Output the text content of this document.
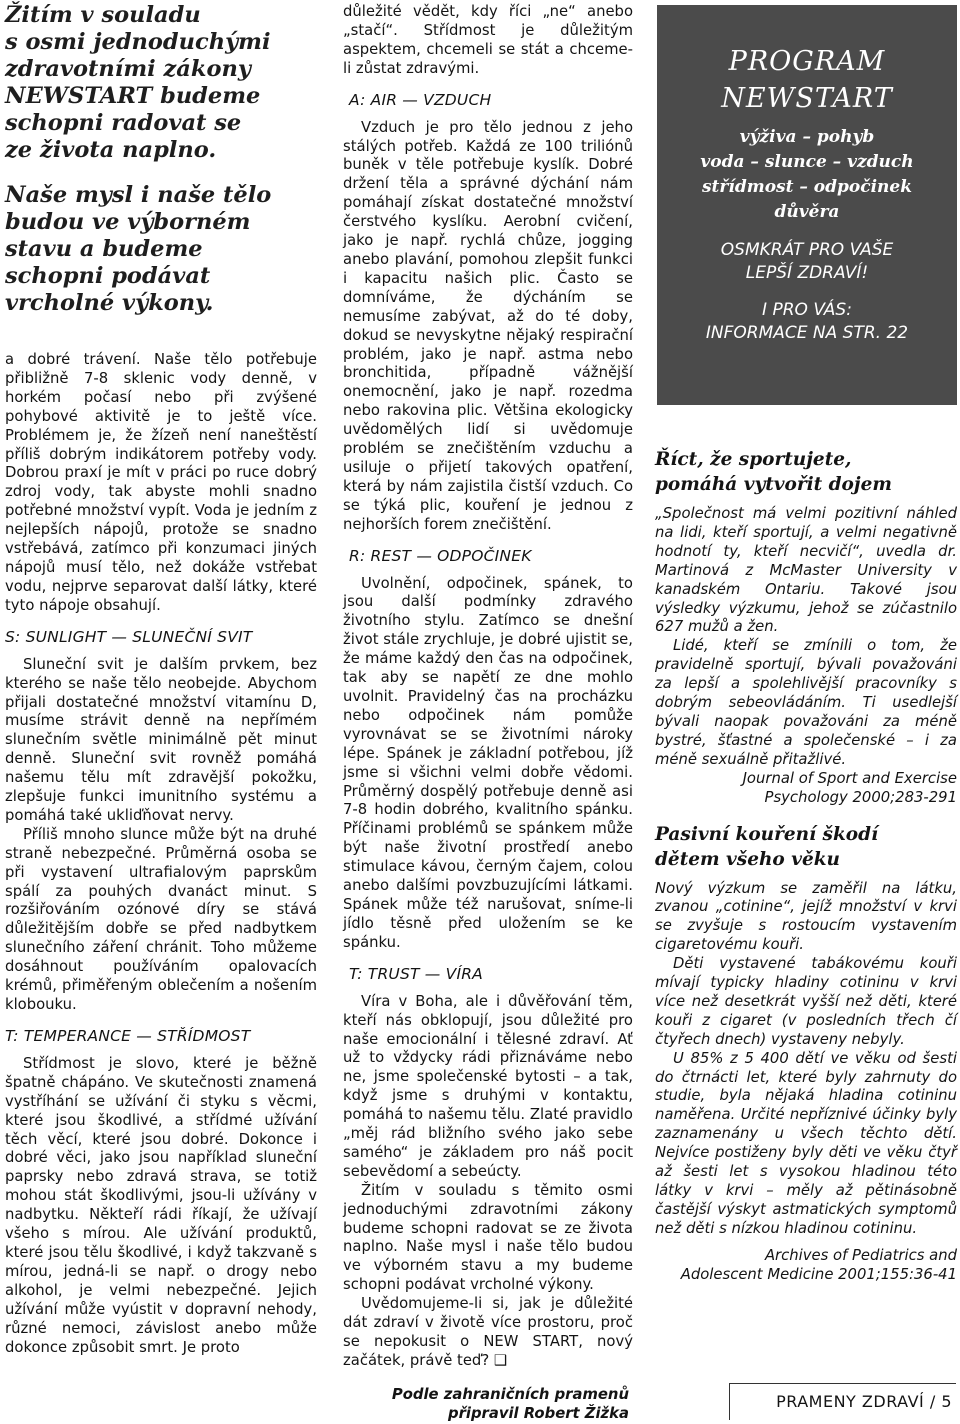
Žitím v souladu
s osmi jednoduchými
zdravotními zákony
NEWSTART budeme
schopni radovat se
ze života naplno.
Naše mysl i naše tělo
budou ve výborném
stavu a budeme
schopni podávat
vrcholné výkony.

a dobré trávení. Naše tělo potřebuje přibližně 7-8 sklenic vody denně, v horkém počasí nebo při zvýšené pohybové aktivitě je to ještě více. Problémem je, že žízeň není naneštěstí příliš dobrým indikátorem potřeby vody. Dobrou praxí je mít v práci po ruce dobrý zdroj vody, tak abyste mohli snadno potřebné množství vypít. Voda je jedním z nejlepších nápojů, protože se snadno vstřebává, zatímco při konzumaci jiných nápojů musí tělo, než dokáže vstřebat vodu, nejprve separovat další látky, které tyto nápoje obsahují.

S: SUNLIGHT — SLUNEČNÍ SVIT

Sluneční svit je dalším prvkem, bez kterého se naše tělo neobejde. Abychom přijali dostatečné množství vitamínu D, musíme strávit denně na nepřímém slunečním světle minimálně pět minut denně. Sluneční svit rovněž pomáhá našemu tělu mít zdravější pokožku, zlepšuje funkci imunitního systému a pomáhá také ukliďňovat nervy.

Příliš mnoho slunce může být na druhé straně nebezpečné. Průměrná osoba se při vystavení ultrafialovým paprskům spálí za pouhých dvanáct minut. S rozšiřováním ozónové díry se stává důležitějším dobře se před nadbytkem slunečního záření chránit. Toho můžeme dosáhnout používáním opalovacích krémů, přiměřeným oblečením a nošením klobouku.

T: TEMPERANCE — STŘÍDMOST

Střídmost je slovo, které je běžně špatně chápáno. Ve skutečnosti znamená vystříhání se užívání či styku s věcmi, které jsou škodlivé, a střídmé užívání těch věcí, které jsou dobré. Dokonce i dobré věci, jako jsou například sluneční paprsky nebo zdravá strava, se totiž mohou stát škodlivými, jsou-li užívány v nadbytku. Někteří rádi říkají, že užívají všeho s mírou. Ale užívání produktů, které jsou tělu škodlivé, i když takzvaně s mírou, jedná-li se např. o drogy nebo alkohol, je velmi nebezpečné. Jejich užívání může vyústit v dopravní nehody, různé nemoci, závislost anebo může dokonce způsobit smrt. Je proto

důležité vědět, kdy říci „ne“ anebo „stačí“. Střídmost je důležitým aspektem, chcemeli se stát a chceme-li zůstat zdravými.

A: AIR — VZDUCH

Vzduch je pro tělo jednou z jeho stálých potřeb. Každá ze 100 triliónů buněk v těle potřebuje kyslík. Dobré držení těla a správné dýchání nám pomáhají získat dostatečné množství čerstvého kyslíku. Aerobní cvičení, jako je např. rychlá chůze, jogging anebo plavání, pomohou zlepšit funkci i kapacitu našich plic. Často se domníváme, že dýcháním se nemusíme zabývat, až do té doby, dokud se nevyskytne nějaký respirační problém, jako je např. astma nebo bronchitida, případně vážnější onemocnění, jako je např. rozedma nebo rakovina plic. Většina ekologicky uvědomělých lidí si uvědomuje problém se znečištěním vzduchu a usiluje o přijetí takových opatření, která by nám zajistila čistší vzduch. Co se týká plic, kouření je jednou z nejhorších forem znečištění.

R: REST — ODPOČINEK

Uvolnění, odpočinek, spánek, to jsou další podmínky zdravého životního stylu. Zatímco se dnešní život stále zrychluje, je dobré ujistit se, že máme každý den čas na odpočinek, tak aby se napětí ze dne mohlo uvolnit. Pravidelný čas na procházku nebo odpočinek nám pomůže vyrovnávat se se životními nároky lépe. Spánek je základní potřebou, jíž jsme si všichni velmi dobře vědomi. Průměrný dospělý potřebuje denně asi 7-8 hodin dobrého, kvalitního spánku. Příčinami problémů se spánkem může být naše životní prostředí anebo stimulace kávou, černým čajem, colou anebo dalšími povzbuzujícími látkami. Spánek může též narušovat, sníme-li jídlo těsně před uložením se ke spánku.

T: TRUST — VÍRA

Víra v Boha, ale i důvěřování těm, kteří nás obklopují, jsou důležité pro naše emocionální i tělesné zdraví. Ať už to vždycky rádi přiznáváme nebo ne, jsme společenské bytosti – a tak, když jsme s druhými v kontaktu, pomáhá to našemu tělu. Zlaté pravidlo „měj rád bližního svého jako sebe samého“ je základem pro náš pocit sebevědomí a sebeúcty.

Žitím v souladu s těmito osmi jednoduchými zdravotními zákony budeme schopni radovat se ze života naplno. Naše mysl i naše tělo budou ve výborném stavu a my budeme schopni podávat vrcholné výkony.

Uvědomujeme-li si, jak je důležité dát zdraví v životě více prostoru, proč se nepokusit o NEW START, nový začátek, právě teď? ❑

Podle zahraničních pramenů
připravil Robert Žižka
PROGRAM
NEWSTART
výživa – pohyb
voda – slunce – vzduch
střídmost – odpočinek
důvěra
OSMKRÁT PRO VAŠE
LEPŠÍ ZDRAVÍ!
I PRO VÁS:
INFORMACE NA STR. 22
Říct, že sportujete,
pomáhá vytvořit dojem

„Společnost má velmi pozitivní náhled na lidi, kteří sportují, a velmi negativně hodnotí ty, kteří necvičí“, uvedla dr. Martinová z McMaster University v kanadském Ontariu. Takové jsou výsledky výzkumu, jehož se zúčastnilo 627 mužů a žen.

Lidé, kteří se zmínili o tom, že pravidelně sportují, bývali považováni za lepší a spolehlivější pracovníky s dobrým sebeovládáním. Ti usedlejší bývali naopak považováni za méně bystré, šťastné a společenské – i za méně sexuálně přitažlivé.

Journal of Sport and Exercise

Psychology 2000;283-291

Pasivní kouření škodí
dětem všeho věku

Nový výzkum se zaměřil na látku, zvanou „cotinine“, jejíž množství v krvi se zvyšuje s rostoucím vystavením cigaretovému kouři.

Děti vystavené tabákovému kouři mívají typicky hladiny cotininu v krvi více než desetkrát vyšší než děti, které kouři z cigaret (v posledních třech čí čtyřech dnech) vystaveny nebyly.

U 85% z 5 400 dětí ve věku od šesti do čtrnácti let, které byly zahrnuty do studie, byla nějaká hladina cotininu naměřena. Určité nepříznivé účinky byly zaznamenány u všech těchto dětí. Nejvíce postiženy byly děti ve věku čtyř až šesti let s vysokou hladinou této látky v krvi – měly až pětinásobně častější výskyt astmatických symptomů než děti s nízkou hladinou cotininu.

Archives of Pediatrics and

Adolescent Medicine 2001;155:36-41

PRAMENY ZDRAVÍ / 5
